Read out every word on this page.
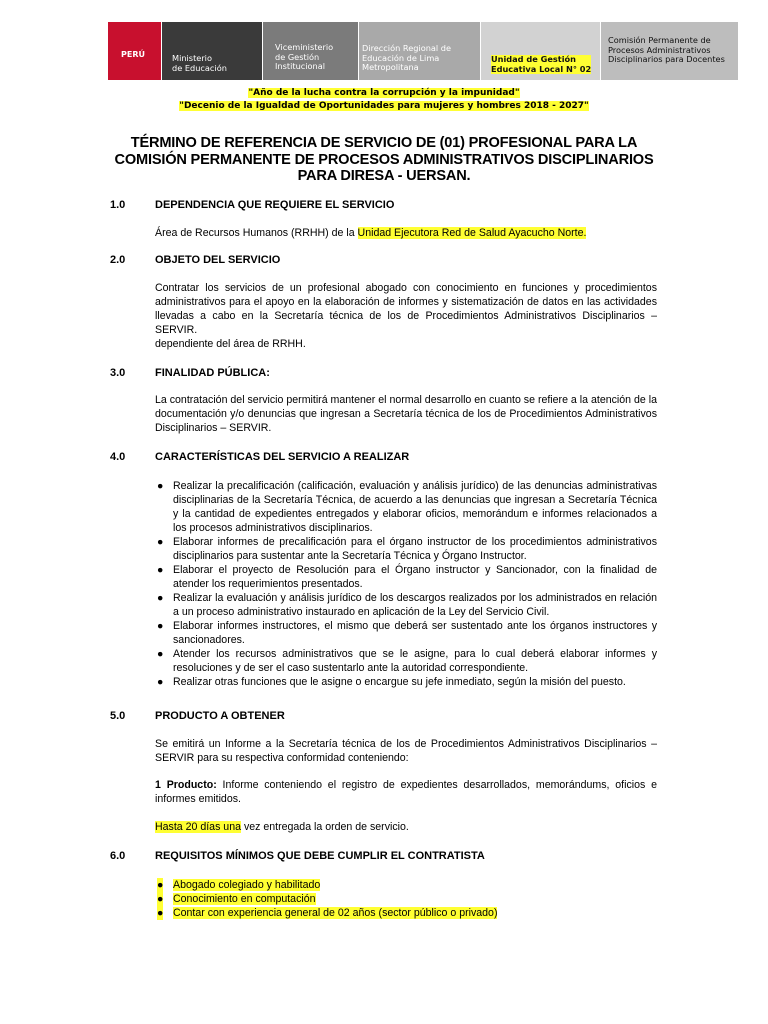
PERÚ	Ministerio
de Educación
Viceministerio
de Gestión
Institucional
Dirección Regional de
Educación de Lima
Metropolitana
Unidad de Gestión
Educativa Local N° 02
Comisión Permanente de
Procesos Administrativos
Disciplinarios para Docentes
"Año de la lucha contra la corrupción y la impunidad"
"Decenio de la Igualdad de Oportunidades para mujeres y hombres 2018 - 2027"
TÉRMINO DE REFERENCIA DE SERVICIO DE (01) PROFESIONAL PARA LA COMISIÓN PERMANENTE DE PROCESOS ADMINISTRATIVOS DISCIPLINARIOS PARA DIRESA - UERSAN.
1.0	DEPENDENCIA QUE REQUIERE EL SERVICIO
Área de Recursos Humanos (RRHH) de la Unidad Ejecutora Red de Salud Ayacucho Norte.
2.0	OBJETO DEL SERVICIO
Contratar los servicios de un profesional abogado con conocimiento en funciones y procedimientos administrativos para el apoyo en la elaboración de informes y sistematización de datos en las actividades llevadas a cabo en la Secretaría técnica de los de Procedimientos Administrativos Disciplinarios – SERVIR.
dependiente del área de RRHH.
3.0	FINALIDAD PÚBLICA:
La contratación del servicio permitirá mantener el normal desarrollo en cuanto se refiere a la atención de la documentación y/o denuncias que ingresan a Secretaría técnica de los de Procedimientos Administrativos Disciplinarios – SERVIR.
4.0	CARACTERÍSTICAS DEL SERVICIO A REALIZAR
● Realizar la precalificación (calificación, evaluación y análisis jurídico) de las denuncias administrativas disciplinarias de la Secretaría Técnica, de acuerdo a las denuncias que ingresan a Secretaría Técnica y la cantidad de expedientes entregados y elaborar oficios, memorándum e informes relacionados a los procesos administrativos disciplinarios.
● Elaborar informes de precalificación para el órgano instructor de los procedimientos administrativos disciplinarios para sustentar ante la Secretaría Técnica y Órgano Instructor.
● Elaborar el proyecto de Resolución para el Órgano instructor y Sancionador, con la finalidad de atender los requerimientos presentados.
● Realizar la evaluación y análisis jurídico de los descargos realizados por los administrados en relación a un proceso administrativo instaurado en aplicación de la Ley del Servicio Civil.
● Elaborar informes instructores, el mismo que deberá ser sustentado ante los órganos instructores y sancionadores.
● Atender los recursos administrativos que se le asigne, para lo cual deberá elaborar informes y resoluciones y de ser el caso sustentarlo ante la autoridad correspondiente.
● Realizar otras funciones que le asigne o encargue su jefe inmediato, según la misión del puesto.
5.0	PRODUCTO A OBTENER
Se emitirá un Informe a la Secretaría técnica de los de Procedimientos Administrativos Disciplinarios – SERVIR para su respectiva conformidad conteniendo:
1 Producto: Informe conteniendo el registro de expedientes desarrollados, memorándums, oficios e informes emitidos.
Hasta 20 días una vez entregada la orden de servicio.
6.0	REQUISITOS MÍNIMOS QUE DEBE CUMPLIR EL CONTRATISTA
● Abogado colegiado y habilitado
● Conocimiento en computación
● Contar con experiencia general de 02 años (sector público o privado)
